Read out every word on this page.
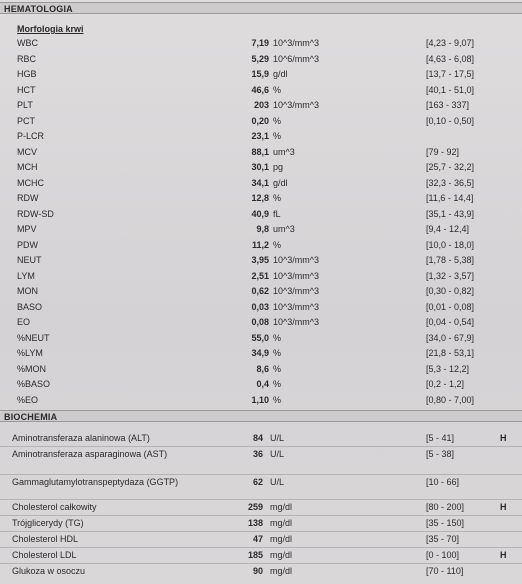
HEMATOLOGIA
Morfologia krwi
WBC	7,19 10^3/mm^3	[4,23 - 9,07]
RBC	5,29 10^6/mm^3	[4,63 - 6,08]
HGB	15,9 g/dl	[13,7 - 17,5]
HCT	46,6 %	[40,1 - 51,0]
PLT	203 10^3/mm^3	[163 - 337]
PCT	0,20 %	[0,10 - 0,50]
P-LCR	23,1 %
MCV	88,1 um^3	[79 - 92]
MCH	30,1 pg	[25,7 - 32,2]
MCHC	34,1 g/dl	[32,3 - 36,5]
RDW	12,8 %	[11,6 - 14,4]
RDW-SD	40,9 fL	[35,1 - 43,9]
MPV	9,8 um^3	[9,4 - 12,4]
PDW	11,2 %	[10,0 - 18,0]
NEUT	3,95 10^3/mm^3	[1,78 - 5,38]
LYM	2,51 10^3/mm^3	[1,32 - 3,57]
MON	0,62 10^3/mm^3	[0,30 - 0,82]
BASO	0,03 10^3/mm^3	[0,01 - 0,08]
EO	0,08 10^3/mm^3	[0,04 - 0,54]
%NEUT	55,0 %	[34,0 - 67,9]
%LYM	34,9 %	[21,8 - 53,1]
%MON	8,6 %	[5,3 - 12,2]
%BASO	0,4 %	[0,2 - 1,2]
%EO	1,10 %	[0,80 - 7,00]
BIOCHEMIA
Aminotransferaza alaninowa (ALT)	84 U/L	[5 - 41]	H
Aminotransferaza asparaginowa (AST)	36 U/L	[5 - 38]
Gammaglutamylotranspeptydaza (GGTP)	62 U/L	[10 - 66]
Cholesterol całkowity	259 mg/dl	[80 - 200]	H
Trójglicerydy (TG)	138 mg/dl	[35 - 150]
Cholesterol HDL	47 mg/dl	[35 - 70]
Cholesterol LDL	185 mg/dl	[0 - 100]	H
Glukoza w osoczu	90 mg/dl	[70 - 110]
